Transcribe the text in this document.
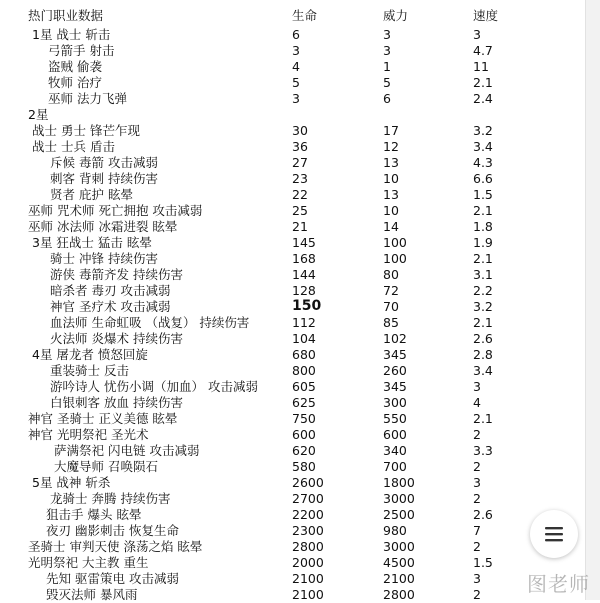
热门职业数据	生命	威力	速度
1星 战士 斩击	6	3	3
弓箭手 射击	3	3	4.7
盗贼 偷袭	4	1	11
牧师 治疗	5	5	2.1
巫师 法力飞弹	3	6	2.4
2星
战士 勇士 锋芒乍现	30	17	3.2
战士 士兵 盾击	36	12	3.4
斥候 毒箭 攻击减弱	27	13	4.3
刺客 背刺 持续伤害	23	10	6.6
贤者 庇护 眩晕	22	13	1.5
巫师 咒术师 死亡拥抱 攻击减弱	25	10	2.1
巫师 冰法师 冰霜进裂 眩晕	21	14	1.8
3星 狂战士 猛击 眩晕	145	100	1.9
骑士 冲锋 持续伤害	168	100	2.1
游侠 毒箭齐发 持续伤害	144	80	3.1
暗杀者 毒刃 攻击减弱	128	72	2.2
神官 圣疗术 攻击减弱	150	70	3.2
血法师 生命虹吸 （战复） 持续伤害	112	85	2.1
火法师 炎爆术 持续伤害	104	102	2.6
4星 屠龙者 愤怒回旋	680	345	2.8
重装骑士 反击	800	260	3.4
游吟诗人 忧伤小调（加血） 攻击减弱	605	345	3
白银刺客 放血 持续伤害	625	300	4
神官 圣骑士 正义美德 眩晕	750	550	2.1
神官 光明祭祀 圣光术	600	600	2
萨满祭祀 闪电链 攻击减弱	620	340	3.3
大魔导师 召唤陨石	580	700	2
5星 战神 斩杀	2600	1800	3
龙骑士 奔腾 持续伤害	2700	3000	2
狙击手 爆头 眩晕	2200	2500	2.6
夜刃 幽影刺击 恢复生命	2300	980	7
圣骑士 审判天使 涤荡之焰 眩晕	2800	3000	2
光明祭祀 大主教 重生	2000	4500	1.5
先知 驱雷策电 攻击减弱	2100	2100	3
毁灭法师 暴风雨	2100	2800	2 图老师
